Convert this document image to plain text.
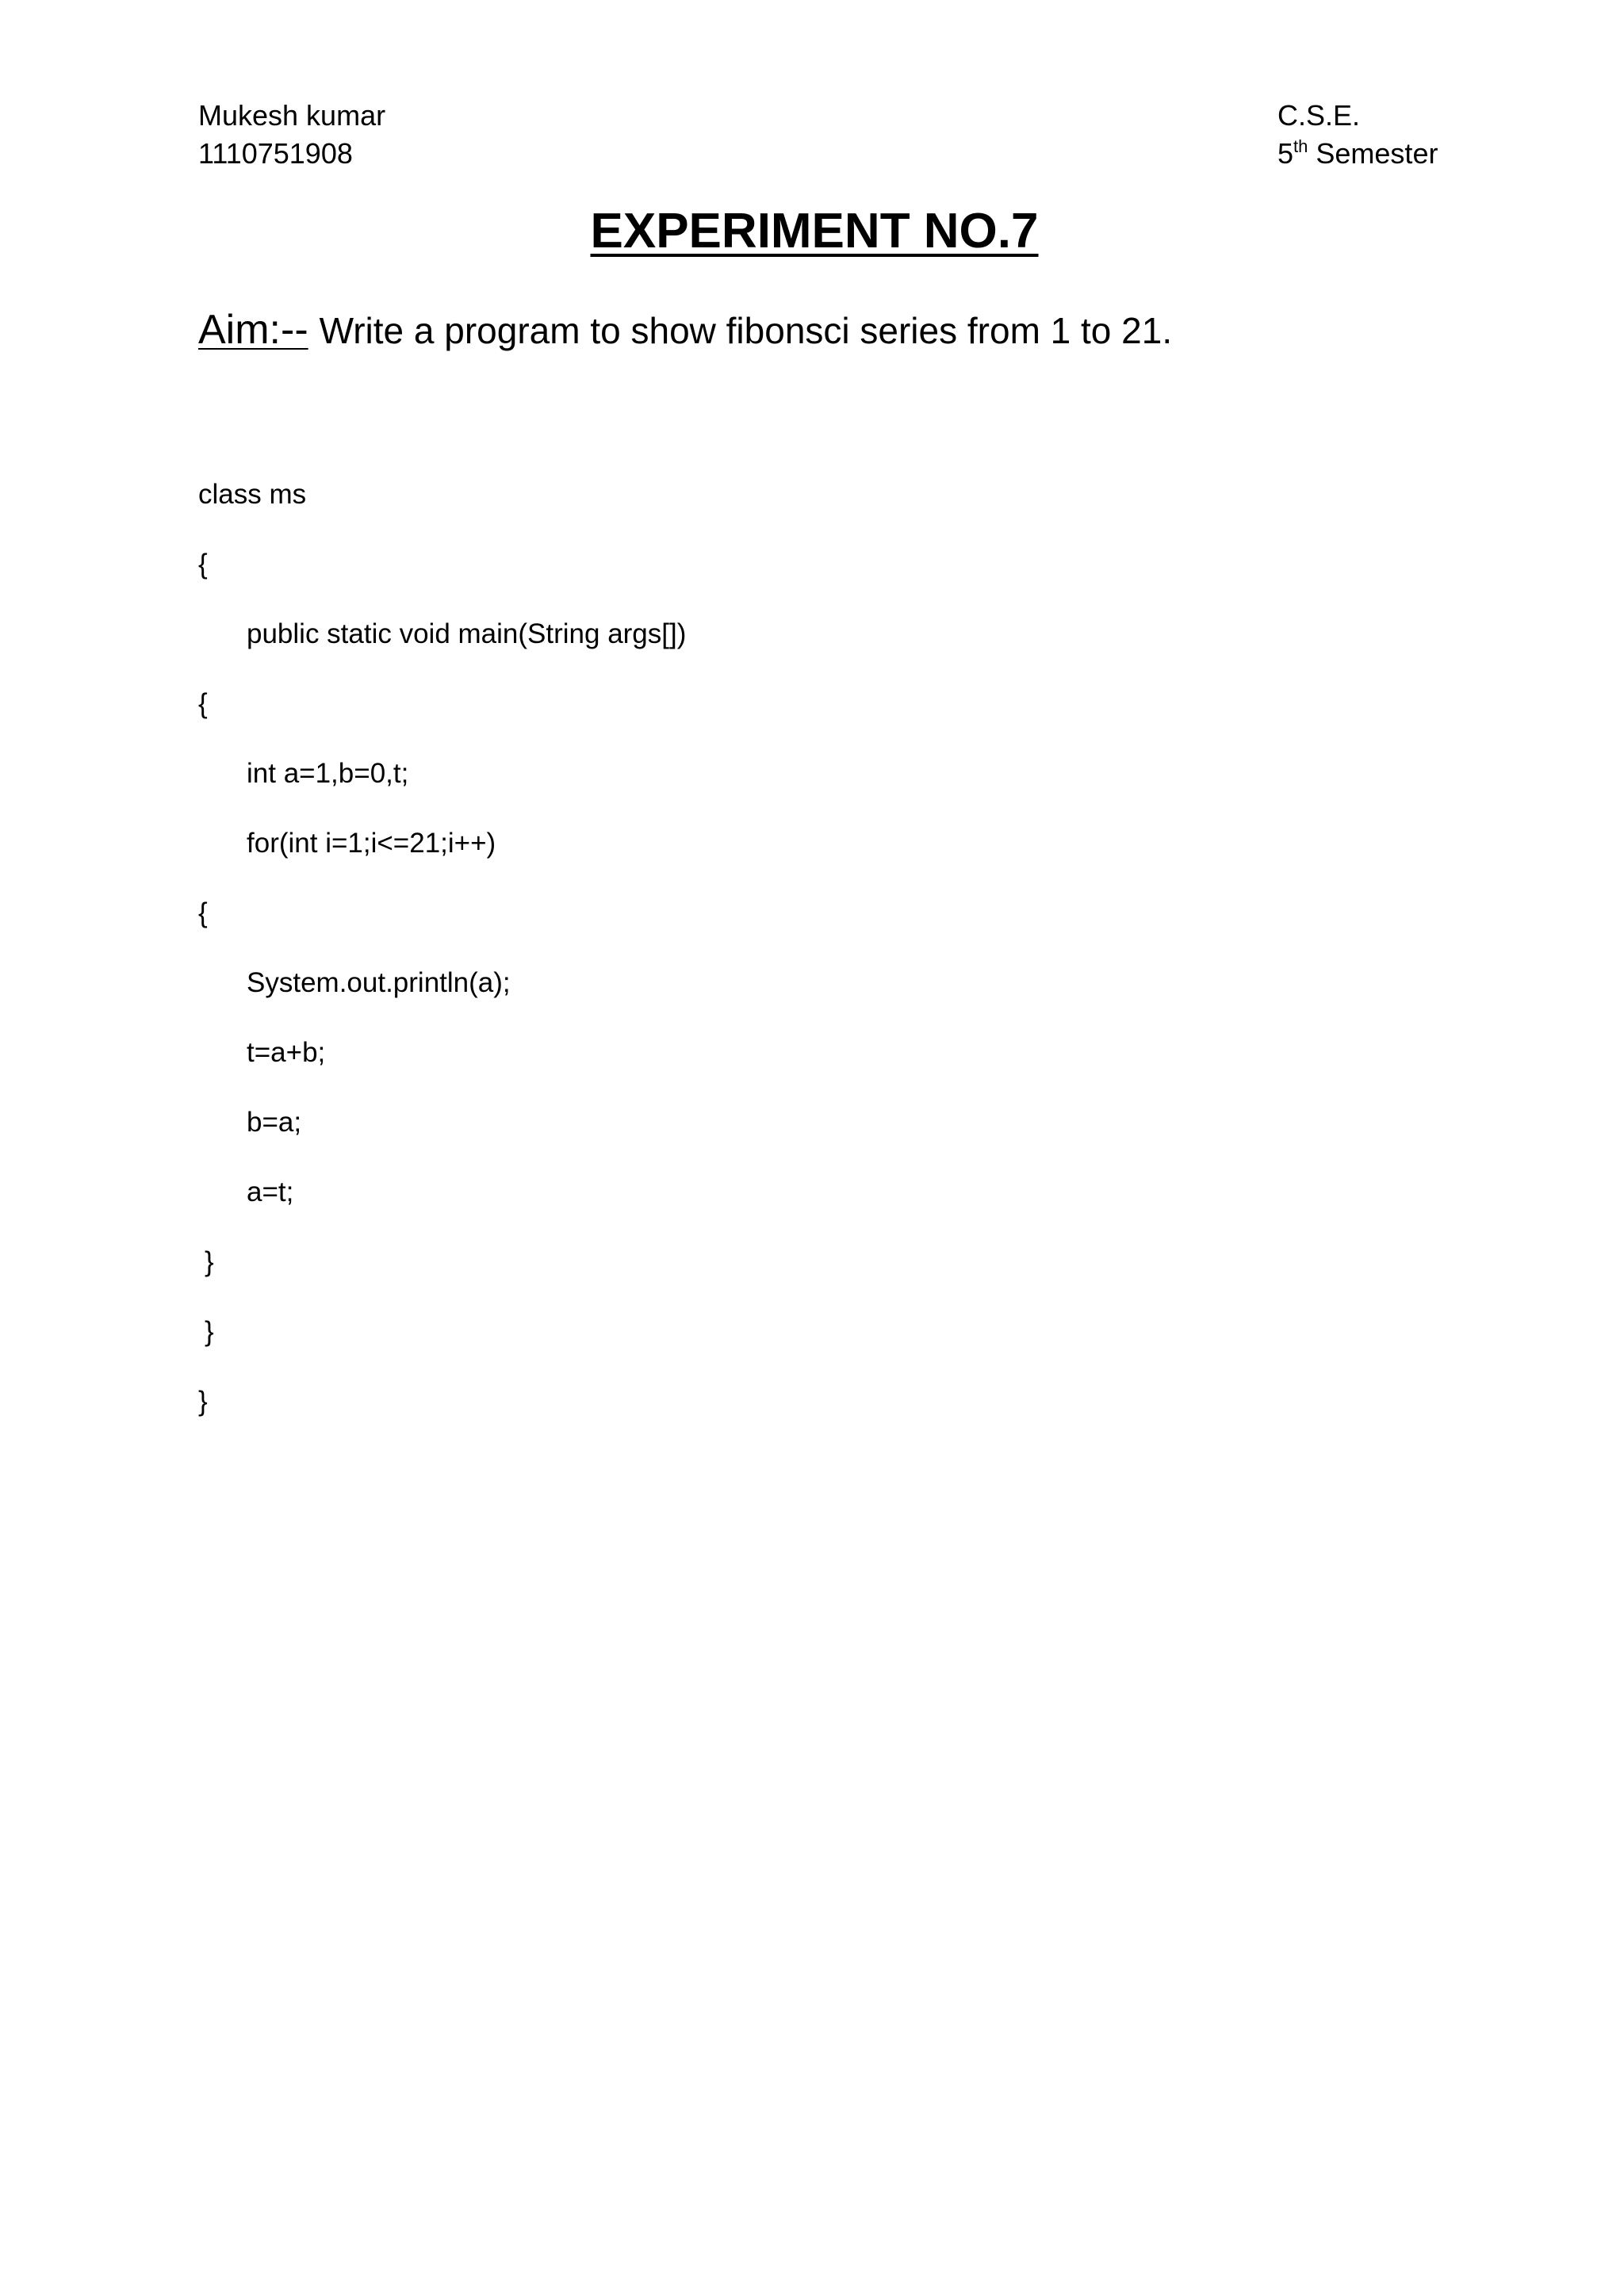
Mukesh kumar
1110751908
C.S.E.
5th Semester
EXPERIMENT NO.7
Aim:-- Write a program to show fibonsci series from 1 to 21.
class ms
{
public static void main(String args[])
{
int a=1,b=0,t;
for(int i=1;i<=21;i++)
{
System.out.println(a);
t=a+b;
b=a;
a=t;
}
}
}
